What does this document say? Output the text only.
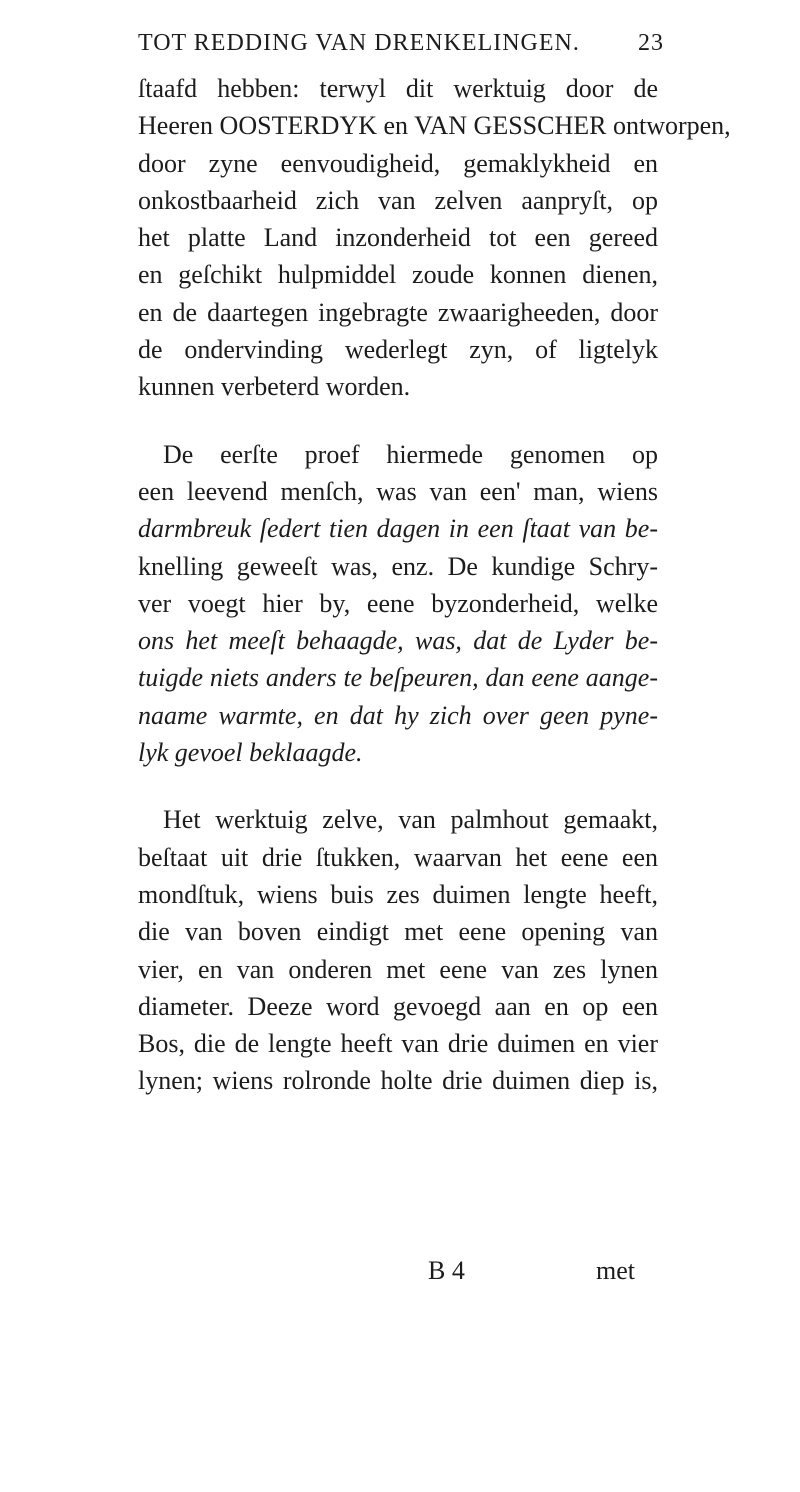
TOT REDDING VAN DRENKELINGEN. 23
ſtaafd hebben: terwyl dit werktuig door de
Heeren OOSTERDYK en VAN GESSCHER ontworpen,
door zyne eenvoudigheid, gemaklykheid en
onkostbaarheid zich van zelven aanpryſt, op
het platte Land inzonderheid tot een gereed
en geſchikt hulpmiddel zoude konnen dienen,
en de daartegen ingebragte zwaarigheeden, door
de ondervinding wederlegt zyn, of ligtelyk
kunnen verbeterd worden.
De eerſte proef hiermede genomen op
een leevend menſch, was van een' man, wiens
darmbreuk ſedert tien dagen in een ſtaat van be-
knelling geweeſt was, enz. De kundige Schry-
ver voegt hier by, eene byzonderheid, welke
ons het meeſt behaagde, was, dat de Lyder be-
tuigde niets anders te beſpeuren, dan eene aange-
naame warmte, en dat hy zich over geen pyne-
lyk gevoel beklaagde.
Het werktuig zelve, van palmhout gemaakt,
beſtaat uit drie ſtukken, waarvan het eene een
mondſtuk, wiens buis zes duimen lengte heeft,
die van boven eindigt met eene opening van
vier, en van onderen met eene van zes lynen
diameter. Deeze word gevoegd aan en op een
Bos, die de lengte heeft van drie duimen en vier
lynen; wiens rolronde holte drie duimen diep is,
B 4	met
